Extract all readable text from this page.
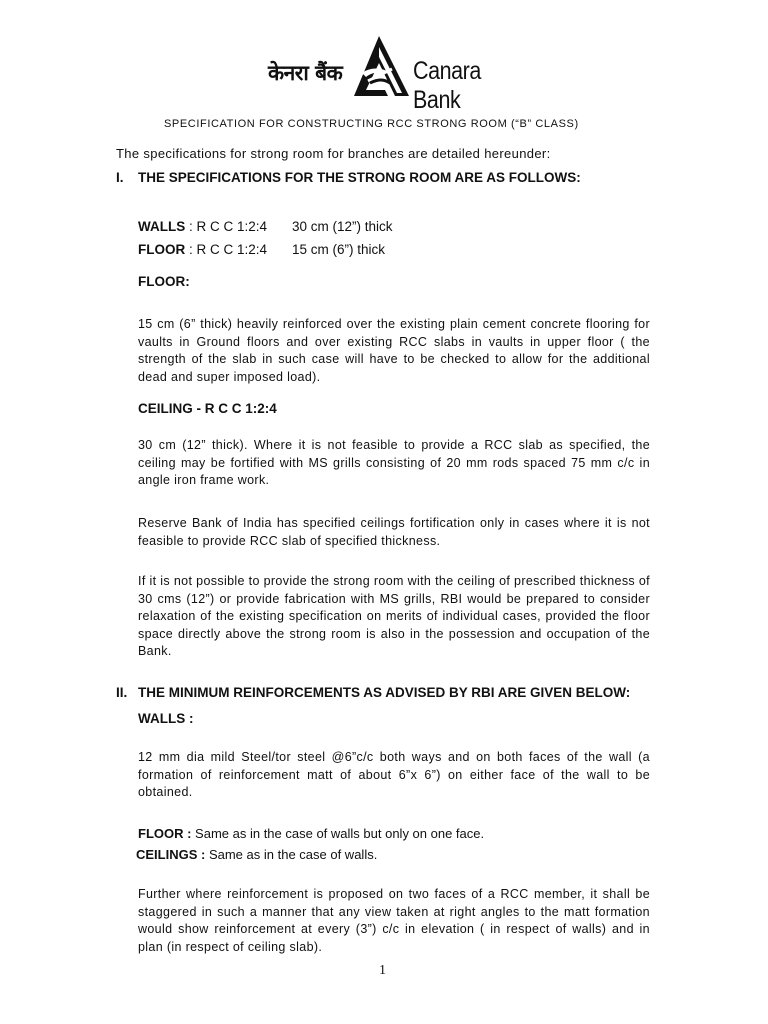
केनरा बैंक	Canara Bank
SPECIFICATION FOR CONSTRUCTING RCC STRONG ROOM (“B” CLASS)
The specifications for strong room for branches are detailed hereunder:
I. THE SPECIFICATIONS FOR THE STRONG ROOM ARE AS FOLLOWS:
WALLS : R C C 1:2:4 30 cm (12”) thick
FLOOR : R C C 1:2:4 15 cm (6”) thick
FLOOR:
15 cm (6” thick) heavily reinforced over the existing plain cement concrete flooring for vaults in Ground floors and over existing RCC slabs in vaults in upper floor ( the strength of the slab in such case will have to be checked to allow for the additional dead and super imposed load).
CEILING - R C C 1:2:4
30 cm (12” thick). Where it is not feasible to provide a RCC slab as specified, the ceiling may be fortified with MS grills consisting of 20 mm rods spaced 75 mm c/c in angle iron frame work.
Reserve Bank of India has specified ceilings fortification only in cases where it is not feasible to provide RCC slab of specified thickness.
If it is not possible to provide the strong room with the ceiling of prescribed thickness of 30 cms (12”) or provide fabrication with MS grills, RBI would be prepared to consider relaxation of the existing specification on merits of individual cases, provided the floor space directly above the strong room is also in the possession and occupation of the Bank.
II. THE MINIMUM REINFORCEMENTS AS ADVISED BY RBI ARE GIVEN BELOW:
WALLS :
12 mm dia mild Steel/tor steel @6”c/c both ways and on both faces of the wall (a formation of reinforcement matt of about 6”x 6”) on either face of the wall to be obtained.
FLOOR : Same as in the case of walls but only on one face.
CEILINGS : Same as in the case of walls.
Further where reinforcement is proposed on two faces of a RCC member, it shall be staggered in such a manner that any view taken at right angles to the matt formation would show reinforcement at every (3”) c/c in elevation ( in respect of walls) and in plan (in respect of ceiling slab).
1
